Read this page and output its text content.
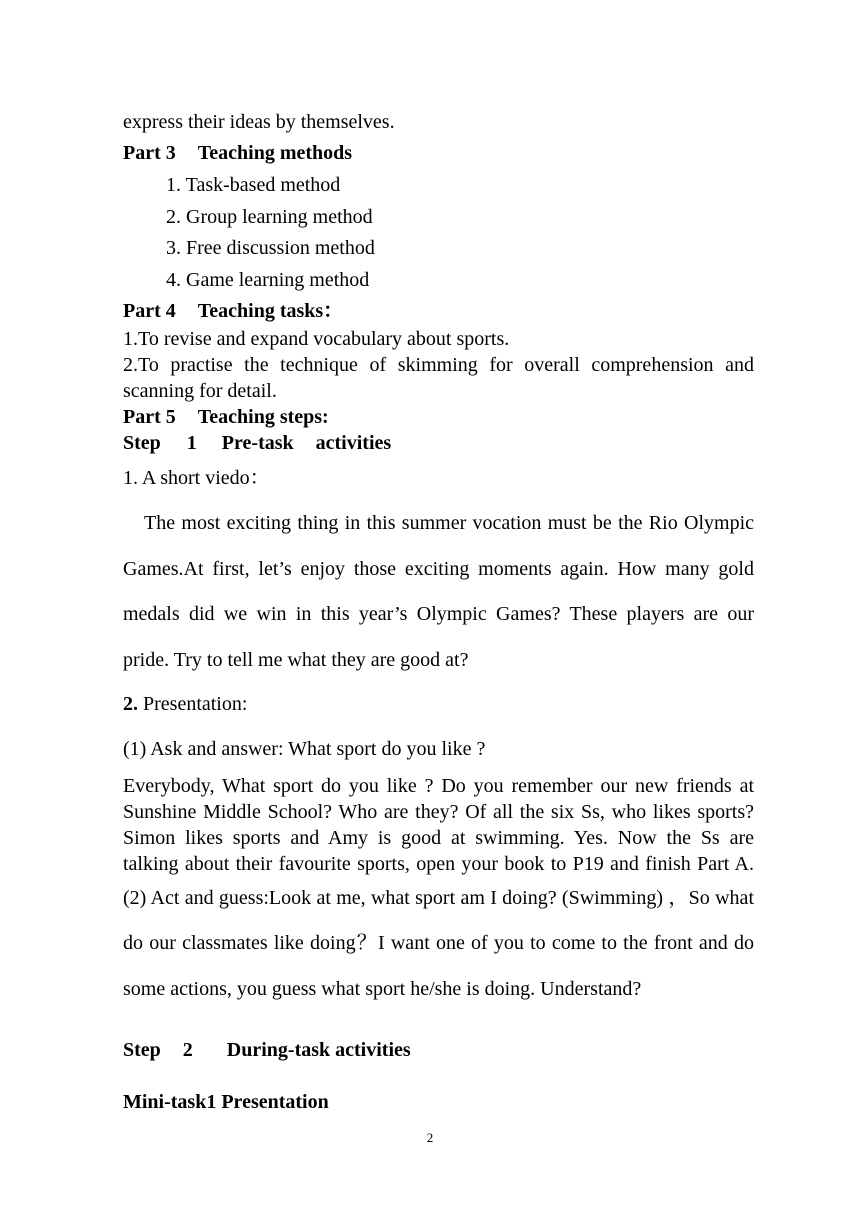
express their ideas by themselves.
Part 3 Teaching methods
1. Task-based method
2. Group learning method
3. Free discussion method
4. Game learning method
Part 4 Teaching tasks：
1.To revise and expand vocabulary about sports.
2.To practise the technique of skimming for overall comprehension and
scanning for detail.
Part 5 Teaching steps:
Step 1 Pre-task activities
1. A short viedo：
The most exciting thing in this summer vocation must be the Rio Olympic
Games.At first, let’s enjoy those exciting moments again. How many gold
medals did we win in this year’s Olympic Games? These players are our
pride. Try to tell me what they are good at?
2. Presentation:
(1) Ask and answer: What sport do you like ?
Everybody, What sport do you like ? Do you remember our new friends at
Sunshine Middle School? Who are they? Of all the six Ss, who likes sports?
Simon likes sports and Amy is good at swimming. Yes. Now the Ss are
talking about their favourite sports, open your book to P19 and finish Part A.
(2) Act and guess:Look at me, what sport am I doing? (Swimming) ，So what
do our classmates like doing？I want one of you to come to the front and do
some actions, you guess what sport he/she is doing. Understand?
Step 2 During-task activities
Mini-task1 Presentation
2
